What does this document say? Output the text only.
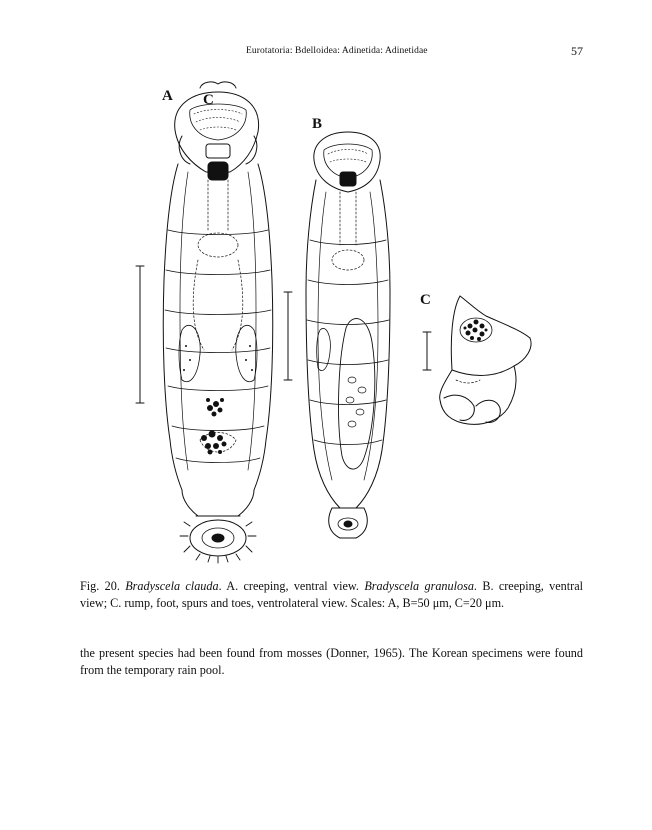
Eurotatoria: Bdelloidea: Adinetida: Adinetidae	57
A C
B
C
Fig. 20. Bradyscela clauda. A. creeping, ventral view. Bradyscela granulosa. B. creeping, ventral view; C. rump, foot, spurs and toes, ventrolateral view. Scales: A, B=50 μm, C=20 μm.

the present species had been found from mosses (Donner, 1965). The Korean specimens were found from the temporary rain pool.
